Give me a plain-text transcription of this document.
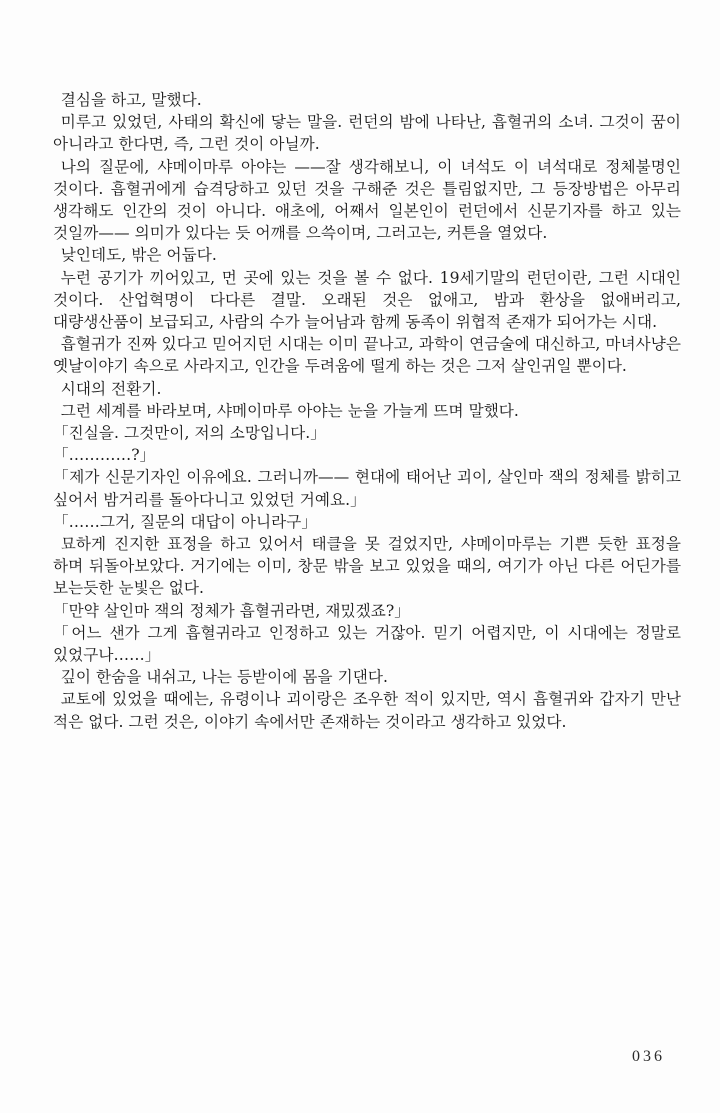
결심을 하고, 말했다.

미루고 있었던, 사태의 확신에 닿는 말을. 런던의 밤에 나타난, 흡혈귀의 소녀. 그것이 꿈이 아니라고 한다면, 즉, 그런 것이 아닐까.

나의 질문에, 샤메이마루 아야는 ——잘 생각해보니, 이 녀석도 이 녀석대로 정체불명인 것이다. 흡혈귀에게 습격당하고 있던 것을 구해준 것은 틀림없지만, 그 등장방법은 아무리 생각해도 인간의 것이 아니다. 애초에, 어째서 일본인이 런던에서 신문기자를 하고 있는 것일까—— 의미가 있다는 듯 어깨를 으쓱이며, 그러고는, 커튼을 열었다.

낮인데도, 밖은 어둡다.

누런 공기가 끼어있고, 먼 곳에 있는 것을 볼 수 없다. 19세기말의 런던이란, 그런 시대인 것이다. 산업혁명이 다다른 결말. 오래된 것은 없애고, 밤과 환상을 없애버리고, 대량생산품이 보급되고, 사람의 수가 늘어남과 함께 동족이 위협적 존재가 되어가는 시대.

흡혈귀가 진짜 있다고 믿어지던 시대는 이미 끝나고, 과학이 연금술에 대신하고, 마녀사냥은 옛날이야기 속으로 사라지고, 인간을 두려움에 떨게 하는 것은 그저 살인귀일 뿐이다.

시대의 전환기.

그런 세계를 바라보며, 샤메이마루 아야는 눈을 가늘게 뜨며 말했다.

「진실을. 그것만이, 저의 소망입니다.」

「…………?」

「제가 신문기자인 이유에요. 그러니까—— 현대에 태어난 괴이, 살인마 잭의 정체를 밝히고 싶어서 밤거리를 돌아다니고 있었던 거예요.」

「……그거, 질문의 대답이 아니라구」

묘하게 진지한 표정을 하고 있어서 태클을 못 걸었지만, 샤메이마루는 기쁜 듯한 표정을 하며 뒤돌아보았다. 거기에는 이미, 창문 밖을 보고 있었을 때의, 여기가 아닌 다른 어딘가를 보는듯한 눈빛은 없다.

「만약 살인마 잭의 정체가 흡혈귀라면, 재밌겠죠?」

「어느 샌가 그게 흡혈귀라고 인정하고 있는 거잖아. 믿기 어렵지만, 이 시대에는 정말로 있었구나……」

깊이 한숨을 내쉬고, 나는 등받이에 몸을 기댄다.

교토에 있었을 때에는, 유령이나 괴이랑은 조우한 적이 있지만, 역시 흡혈귀와 갑자기 만난 적은 없다. 그런 것은, 이야기 속에서만 존재하는 것이라고 생각하고 있었다.

036
